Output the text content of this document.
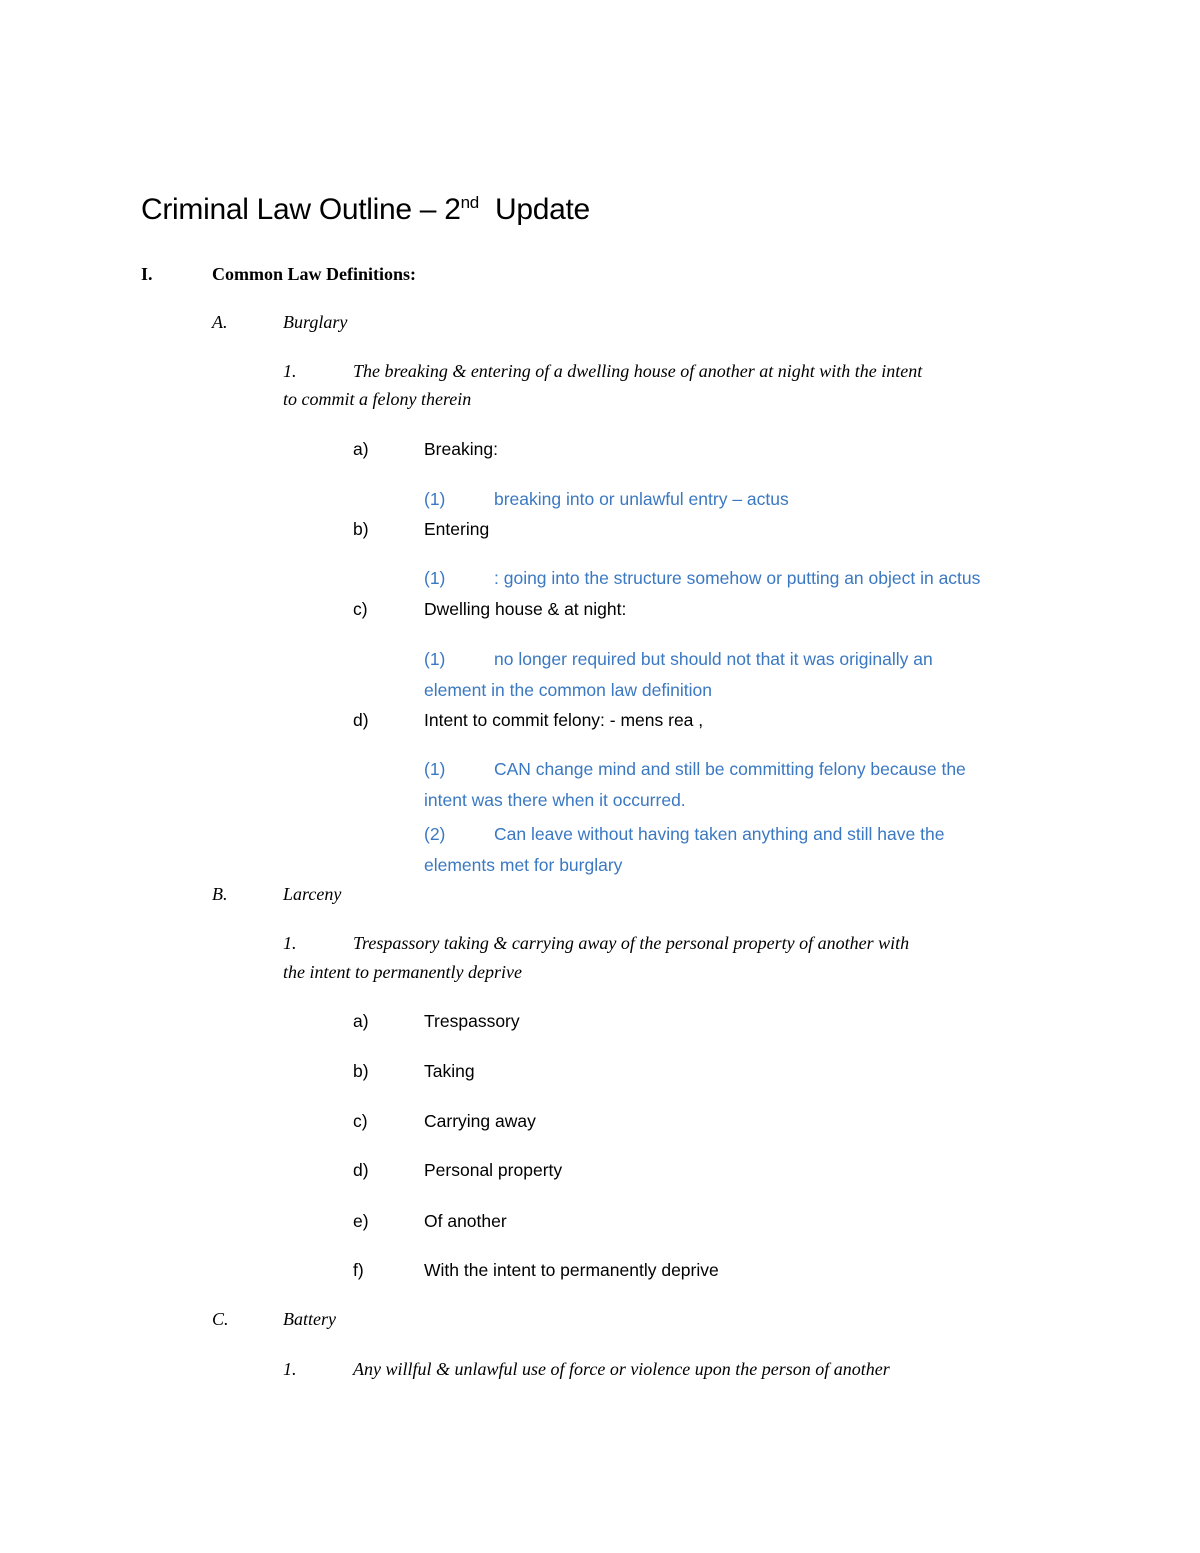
Criminal Law Outline – 2nd Update
I.	Common Law Definitions:
A.	Burglary
1.	The breaking & entering of a dwelling house of another at night with the intent
to commit a felony therein
a)	Breaking:
(1)	breaking into or unlawful entry – actus
b)	Entering
(1)	: going into the structure somehow or putting an object in actus
c)	Dwelling house & at night:
(1)	no longer required but should not that it was originally an
element in the common law definition
d)	Intent to commit felony: - mens rea ,
(1)	CAN change mind and still be committing felony because the
intent was there when it occurred.
(2)	Can leave without having taken anything and still have the
elements met for burglary
B.	Larceny
1.	Trespassory taking & carrying away of the personal property of another with
the intent to permanently deprive
a)	Trespassory
b)	Taking
c)	Carrying away
d)	Personal property
e)	Of another
f)	With the intent to permanently deprive
C.	Battery
1.	Any willful & unlawful use of force or violence upon the person of another
